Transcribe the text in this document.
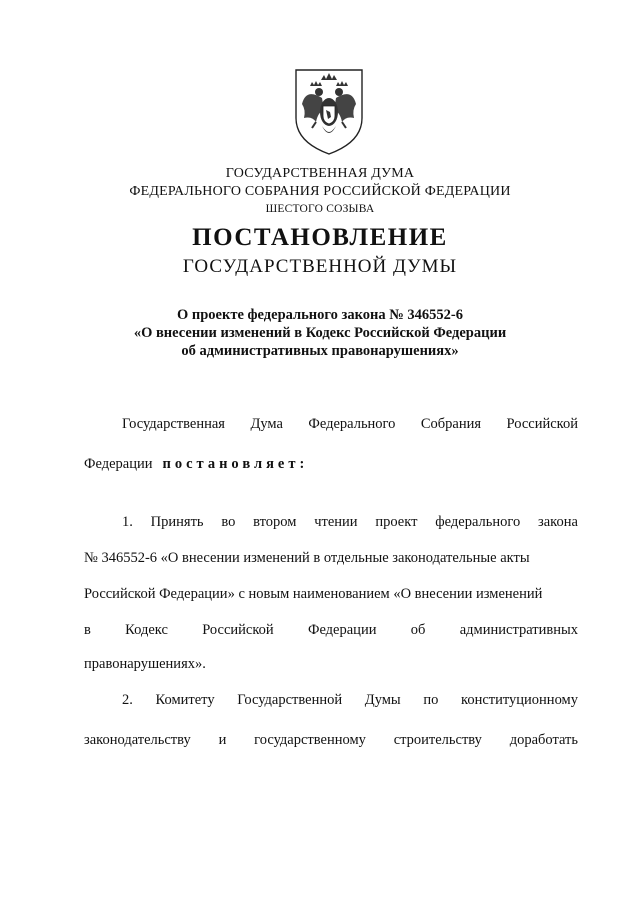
ГОСУДАРСТВЕННАЯ ДУМА
ФЕДЕРАЛЬНОГО СОБРАНИЯ РОССИЙСКОЙ ФЕДЕРАЦИИ
ШЕСТОГО СОЗЫВА
ПОСТАНОВЛЕНИЕ
ГОСУДАРСТВЕННОЙ ДУМЫ
О проекте федерального закона № 346552-6
«О внесении изменений в Кодекс Российской Федерации
об административных правонарушениях»
Государственная Дума Федерального Собрания Российской
Федерации постановляет:
1. Принять во втором чтении проект федерального закона
№ 346552-6 «О внесении изменений в отдельные законодательные акты
Российской Федерации» с новым наименованием «О внесении изменений
в Кодекс Российской Федерации об административных
правонарушениях».
2. Комитету Государственной Думы по конституционному
законодательству и государственному строительству доработать
